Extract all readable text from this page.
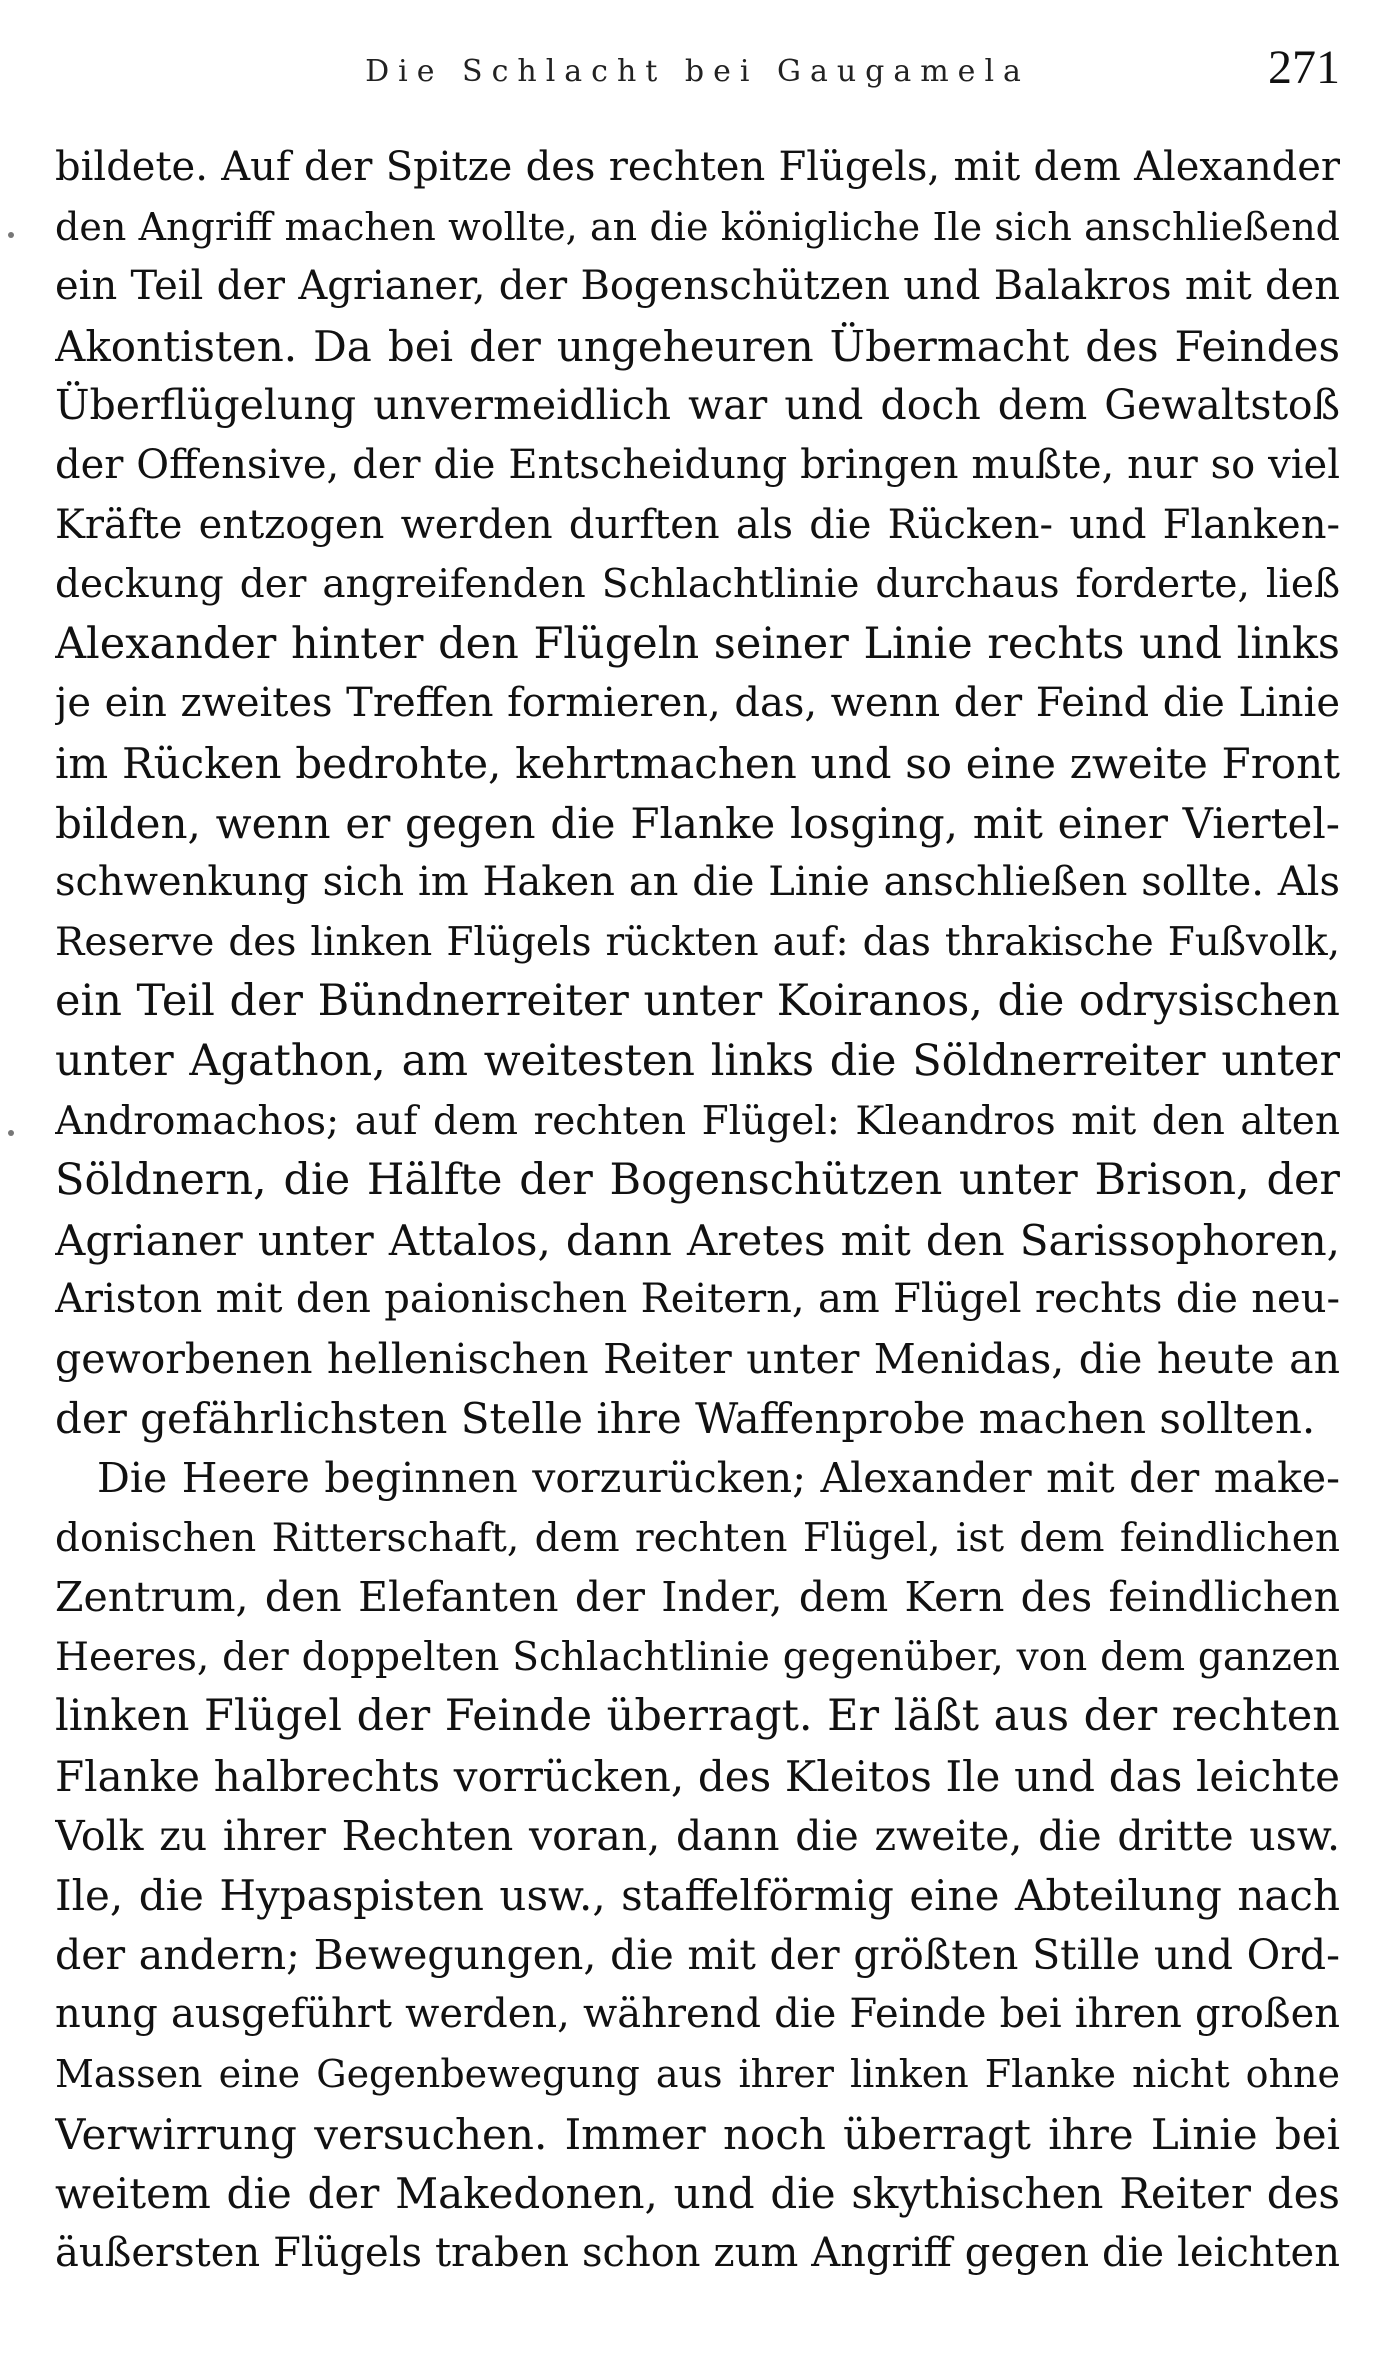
Die Schlacht bei Gaugamela	271
bildete. Auf der Spitze des rechten Flügels, mit dem Alexander
den Angriff machen wollte, an die königliche Ile sich anschließend
ein Teil der Agrianer, der Bogenschützen und Balakros mit den
Akontisten. Da bei der ungeheuren Übermacht des Feindes
Überflügelung unvermeidlich war und doch dem Gewaltstoß
der Offensive, der die Entscheidung bringen mußte, nur so viel
Kräfte entzogen werden durften als die Rücken- und Flanken-
deckung der angreifenden Schlachtlinie durchaus forderte, ließ
Alexander hinter den Flügeln seiner Linie rechts und links
je ein zweites Treffen formieren, das, wenn der Feind die Linie
im Rücken bedrohte, kehrtmachen und so eine zweite Front
bilden, wenn er gegen die Flanke losging, mit einer Viertel-
schwenkung sich im Haken an die Linie anschließen sollte. Als
Reserve des linken Flügels rückten auf: das thrakische Fußvolk,
ein Teil der Bündnerreiter unter Koiranos, die odrysischen
unter Agathon, am weitesten links die Söldnerreiter unter
Andromachos; auf dem rechten Flügel: Kleandros mit den alten
Söldnern, die Hälfte der Bogenschützen unter Brison, der
Agrianer unter Attalos, dann Aretes mit den Sarissophoren,
Ariston mit den paionischen Reitern, am Flügel rechts die neu-
geworbenen hellenischen Reiter unter Menidas, die heute an
der gefährlichsten Stelle ihre Waffenprobe machen sollten.
Die Heere beginnen vorzurücken; Alexander mit der make-
donischen Ritterschaft, dem rechten Flügel, ist dem feindlichen
Zentrum, den Elefanten der Inder, dem Kern des feindlichen
Heeres, der doppelten Schlachtlinie gegenüber, von dem ganzen
linken Flügel der Feinde überragt. Er läßt aus der rechten
Flanke halbrechts vorrücken, des Kleitos Ile und das leichte
Volk zu ihrer Rechten voran, dann die zweite, die dritte usw.
Ile, die Hypaspisten usw., staffelförmig eine Abteilung nach
der andern; Bewegungen, die mit der größten Stille und Ord-
nung ausgeführt werden, während die Feinde bei ihren großen
Massen eine Gegenbewegung aus ihrer linken Flanke nicht ohne
Verwirrung versuchen. Immer noch überragt ihre Linie bei
weitem die der Makedonen, und die skythischen Reiter des
äußersten Flügels traben schon zum Angriff gegen die leichten
